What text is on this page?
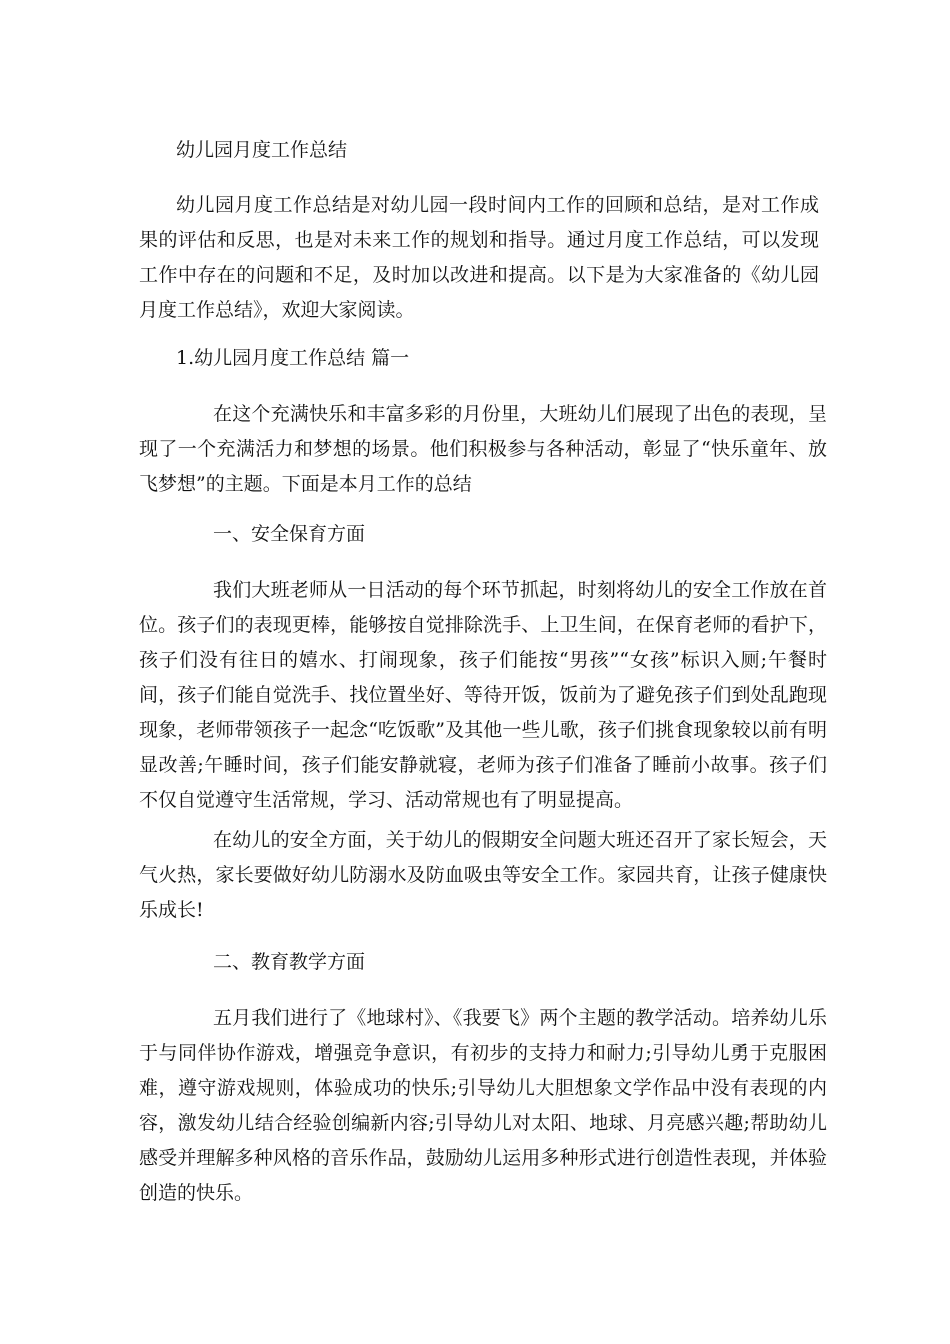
幼儿园月度工作总结

幼儿园月度工作总结是对幼儿园一段时间内工作的回顾和总结，是对工作成果的评估和反思，也是对未来工作的规划和指导。通过月度工作总结，可以发现工作中存在的问题和不足，及时加以改进和提高。以下是为大家准备的《幼儿园月度工作总结》，欢迎大家阅读。

1.幼儿园月度工作总结 篇一

在这个充满快乐和丰富多彩的月份里，大班幼儿们展现了出色的表现，呈现了一个充满活力和梦想的场景。他们积极参与各种活动，彰显了“快乐童年、放飞梦想”的主题。下面是本月工作的总结

一、安全保育方面

我们大班老师从一日活动的每个环节抓起，时刻将幼儿的安全工作放在首位。孩子们的表现更棒，能够按自觉排除洗手、上卫生间，在保育老师的看护下，孩子们没有往日的嬉水、打闹现象，孩子们能按“男孩”“女孩”标识入厕;午餐时间，孩子们能自觉洗手、找位置坐好、等待开饭，饭前为了避免孩子们到处乱跑现现象，老师带领孩子一起念“吃饭歌”及其他一些儿歌，孩子们挑食现象较以前有明显改善;午睡时间，孩子们能安静就寝，老师为孩子们准备了睡前小故事。孩子们不仅自觉遵守生活常规，学习、活动常规也有了明显提高。

在幼儿的安全方面，关于幼儿的假期安全问题大班还召开了家长短会，天气火热，家长要做好幼儿防溺水及防血吸虫等安全工作。家园共育，让孩子健康快乐成长!

二、教育教学方面

五月我们进行了《地球村》、《我要飞》两个主题的教学活动。培养幼儿乐于与同伴协作游戏，增强竞争意识，有初步的支持力和耐力;引导幼儿勇于克服困难，遵守游戏规则，体验成功的快乐;引导幼儿大胆想象文学作品中没有表现的内容，激发幼儿结合经验创编新内容;引导幼儿对太阳、地球、月亮感兴趣;帮助幼儿感受并理解多种风格的音乐作品，鼓励幼儿运用多种形式进行创造性表现，并体验创造的快乐。
